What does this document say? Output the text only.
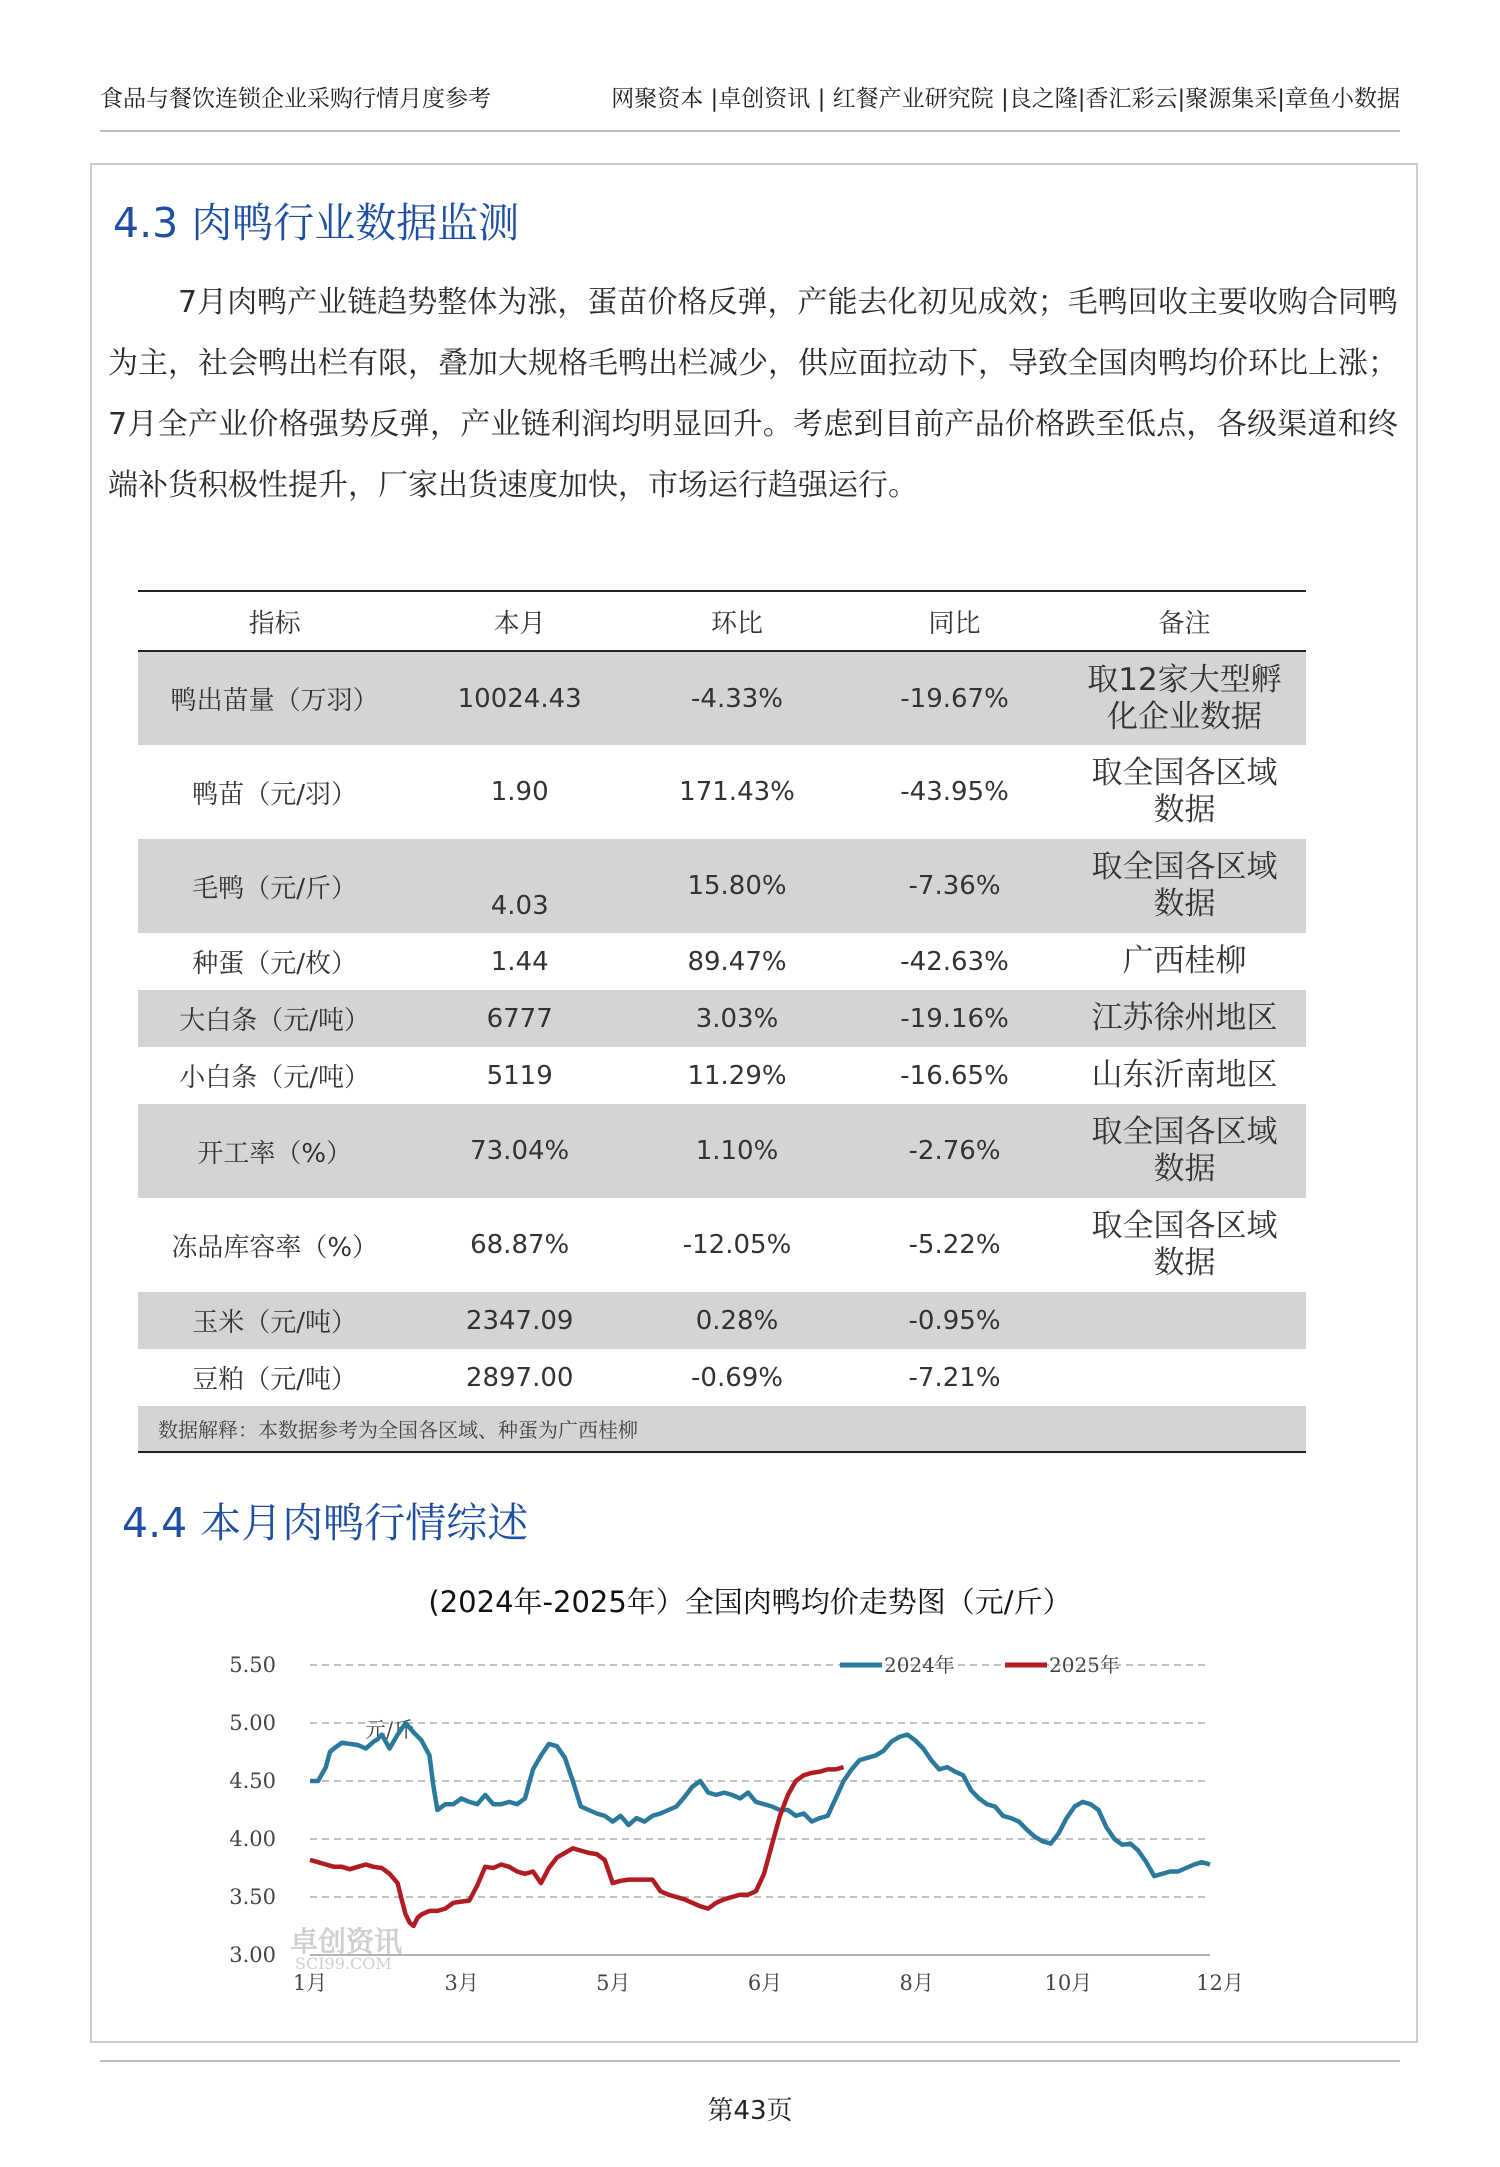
食品与餐饮连锁企业采购行情月度参考	网聚资本 |卓创资讯 | 红餐产业研究院 |良之隆|香汇彩云|聚源集采|章鱼小数据
4.3 肉鸭行业数据监测
7月肉鸭产业链趋势整体为涨，蛋苗价格反弹，产能去化初见成效；毛鸭回收主要收购合同鸭为主，社会鸭出栏有限，叠加大规格毛鸭出栏减少，供应面拉动下，导致全国肉鸭均价环比上涨；7月全产业价格强势反弹，产业链利润均明显回升。考虑到目前产品价格跌至低点，各级渠道和终端补货积极性提升，厂家出货速度加快，市场运行趋强运行。
指标	本月	环比	同比	备注
鸭出苗量（万羽）	10024.43	-4.33%	-19.67%	取12家大型孵化企业数据
鸭苗（元/羽）	1.90	171.43%	-43.95%	取全国各区域数据
毛鸭（元/斤）	4.03	15.80%	-7.36%	取全国各区域数据
种蛋（元/枚）	1.44	89.47%	-42.63%	广西桂柳
大白条（元/吨）	6777	3.03%	-19.16%	江苏徐州地区
小白条（元/吨）	5119	11.29%	-16.65%	山东沂南地区
开工率（%）	73.04%	1.10%	-2.76%	取全国各区域数据
冻品库容率（%）	68.87%	-12.05%	-5.22%	取全国各区域数据
玉米（元/吨）	2347.09	0.28%	-0.95%	
豆粕（元/吨）	2897.00	-0.69%	-7.21%	
数据解释：本数据参考为全国各区域、种蛋为广西桂柳				
4.4 本月肉鸭行情综述
(2024年-2025年）全国肉鸭均价走势图（元/斤）
卓创资讯
SCI99.COM
3.00
3.50
4.00
4.50
5.00
5.50
元/斤
1月	3月	5月	6月	8月	10月	12月
2024年	2025年
第43页
